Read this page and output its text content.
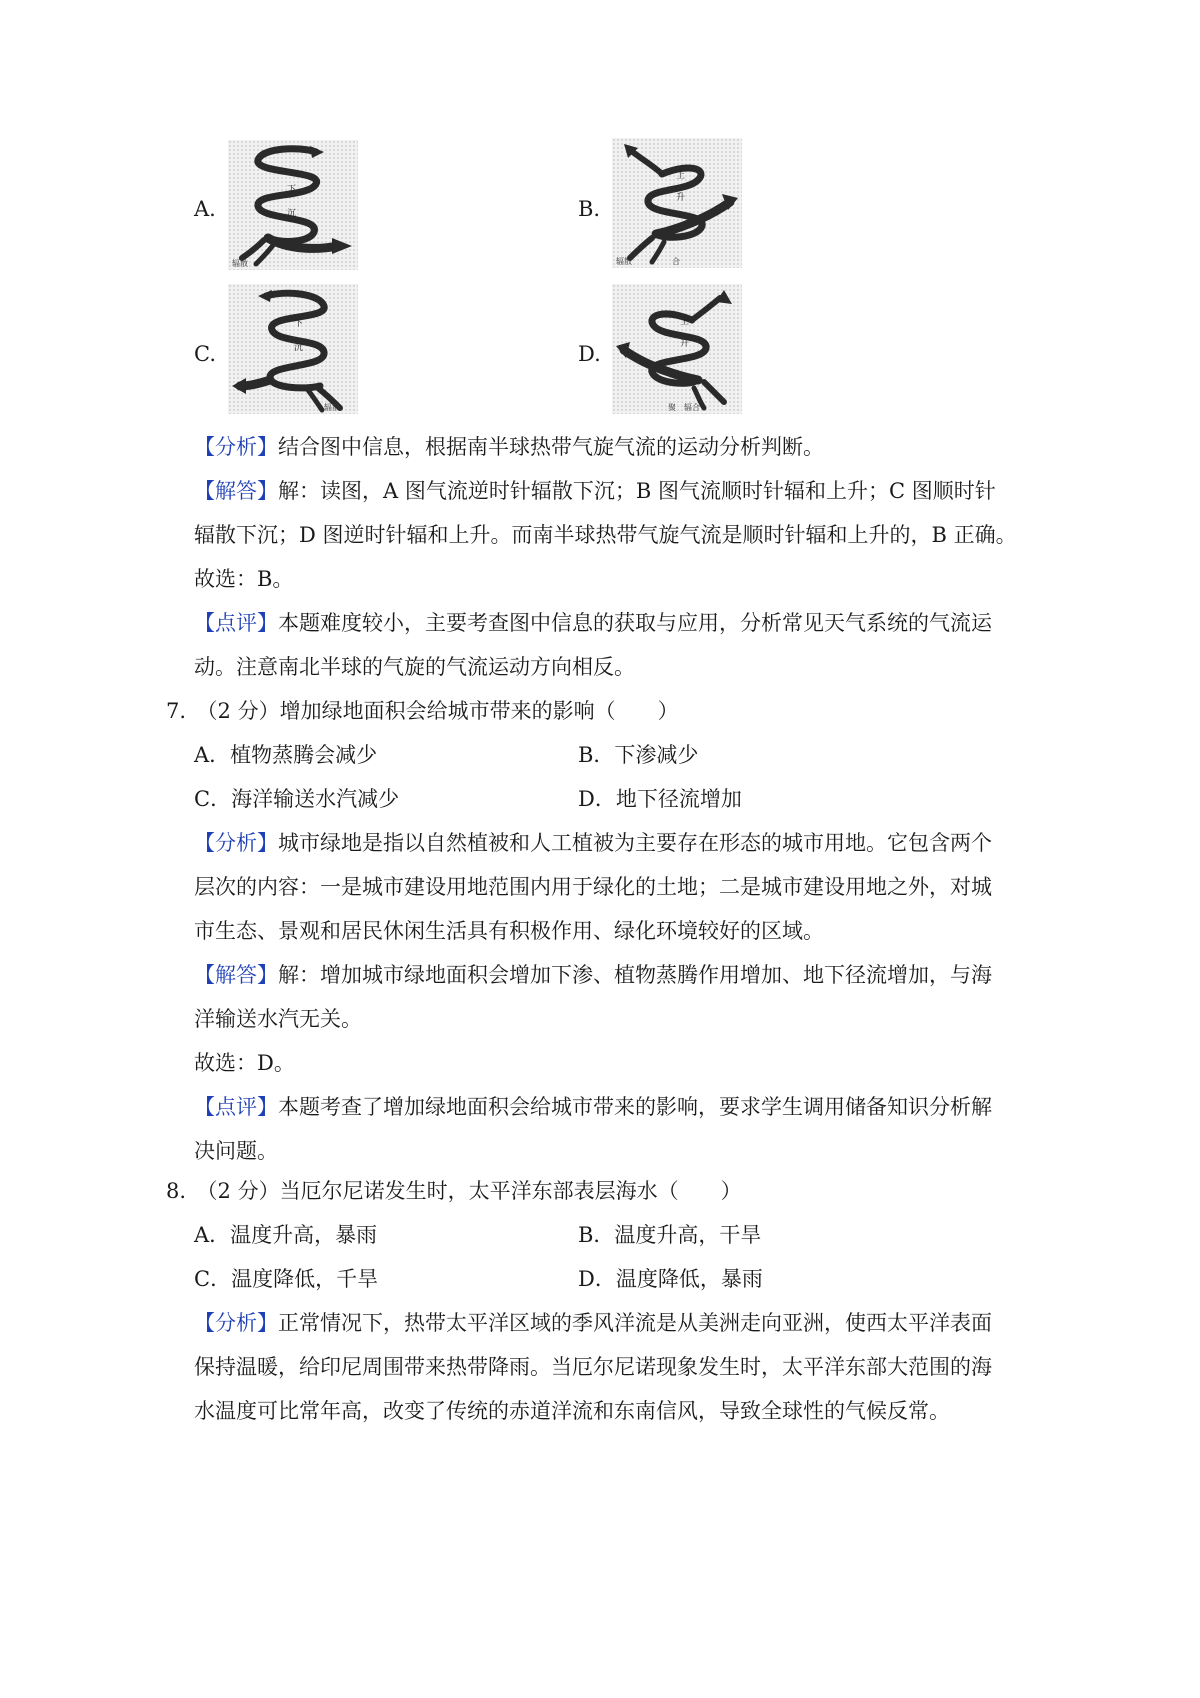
A.
下
沉
辐散
B.
上
升
辐散	合
C.
下
沉
辐散
D.
上
升
聚 辐合
【分析】结合图中信息，根据南半球热带气旋气流的运动分析判断。
【解答】解：读图，A 图气流逆时针辐散下沉；B 图气流顺时针辐和上升；C 图顺时针
辐散下沉；D 图逆时针辐和上升。而南半球热带气旋气流是顺时针辐和上升的，B 正确。
故选：B。
【点评】本题难度较小，主要考查图中信息的获取与应用，分析常见天气系统的气流运
动。注意南北半球的气旋的气流运动方向相反。
7.　（2 分）增加绿地面积会给城市带来的影响（　　）
A．植物蒸腾会减少	B．下渗减少
C．海洋输送水汽减少	D．地下径流增加
【分析】城市绿地是指以自然植被和人工植被为主要存在形态的城市用地。它包含两个
层次的内容：一是城市建设用地范围内用于绿化的土地；二是城市建设用地之外，对城
市生态、景观和居民休闲生活具有积极作用、绿化环境较好的区域。
【解答】解：增加城市绿地面积会增加下渗、植物蒸腾作用增加、地下径流增加，与海
洋输送水汽无关。
故选：D。
【点评】本题考查了增加绿地面积会给城市带来的影响，要求学生调用储备知识分析解
决问题。
8.　（2 分）当厄尔尼诺发生时，太平洋东部表层海水（　　）
A．温度升高，暴雨	B．温度升高，干旱
C．温度降低，千旱	D．温度降低，暴雨
【分析】正常情况下，热带太平洋区域的季风洋流是从美洲走向亚洲，使西太平洋表面
保持温暖，给印尼周围带来热带降雨。当厄尔尼诺现象发生时，太平洋东部大范围的海
水温度可比常年高，改变了传统的赤道洋流和东南信风，导致全球性的气候反常。
